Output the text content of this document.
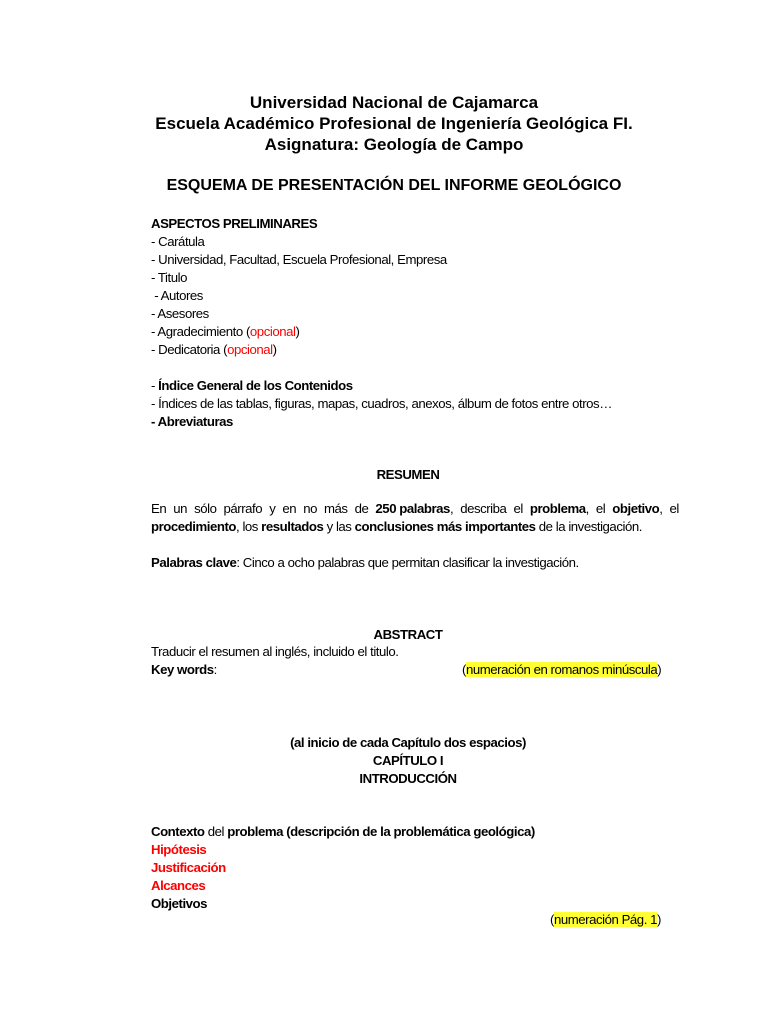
Universidad Nacional de Cajamarca
Escuela Académico Profesional de Ingeniería Geológica FI.
Asignatura: Geología de Campo
ESQUEMA DE PRESENTACIÓN DEL INFORME GEOLÓGICO
ASPECTOS PRELIMINARES
- Carátula
- Universidad, Facultad, Escuela Profesional, Empresa
- Titulo
- Autores
- Asesores
- Agradecimiento (opcional)
- Dedicatoria (opcional)
- Índice General de los Contenidos
- Índices de las tablas, figuras, mapas, cuadros, anexos, álbum de fotos entre otros…
- Abreviaturas
RESUMEN
En un sólo párrafo y en no más de 250 palabras, describa el problema, el objetivo, el
procedimiento, los resultados y las conclusiones más importantes de la investigación.
Palabras clave: Cinco a ocho palabras que permitan clasificar la investigación.
ABSTRACT
Traducir el resumen al inglés, incluido el titulo.
Key words:	(numeración en romanos minúscula)
(al inicio de cada Capítulo dos espacios)
CAPÍTULO I
INTRODUCCIÓN
Contexto del problema (descripción de la problemática geológica)
Hipótesis
Justificación
Alcances
Objetivos
(numeración Pág. 1)
